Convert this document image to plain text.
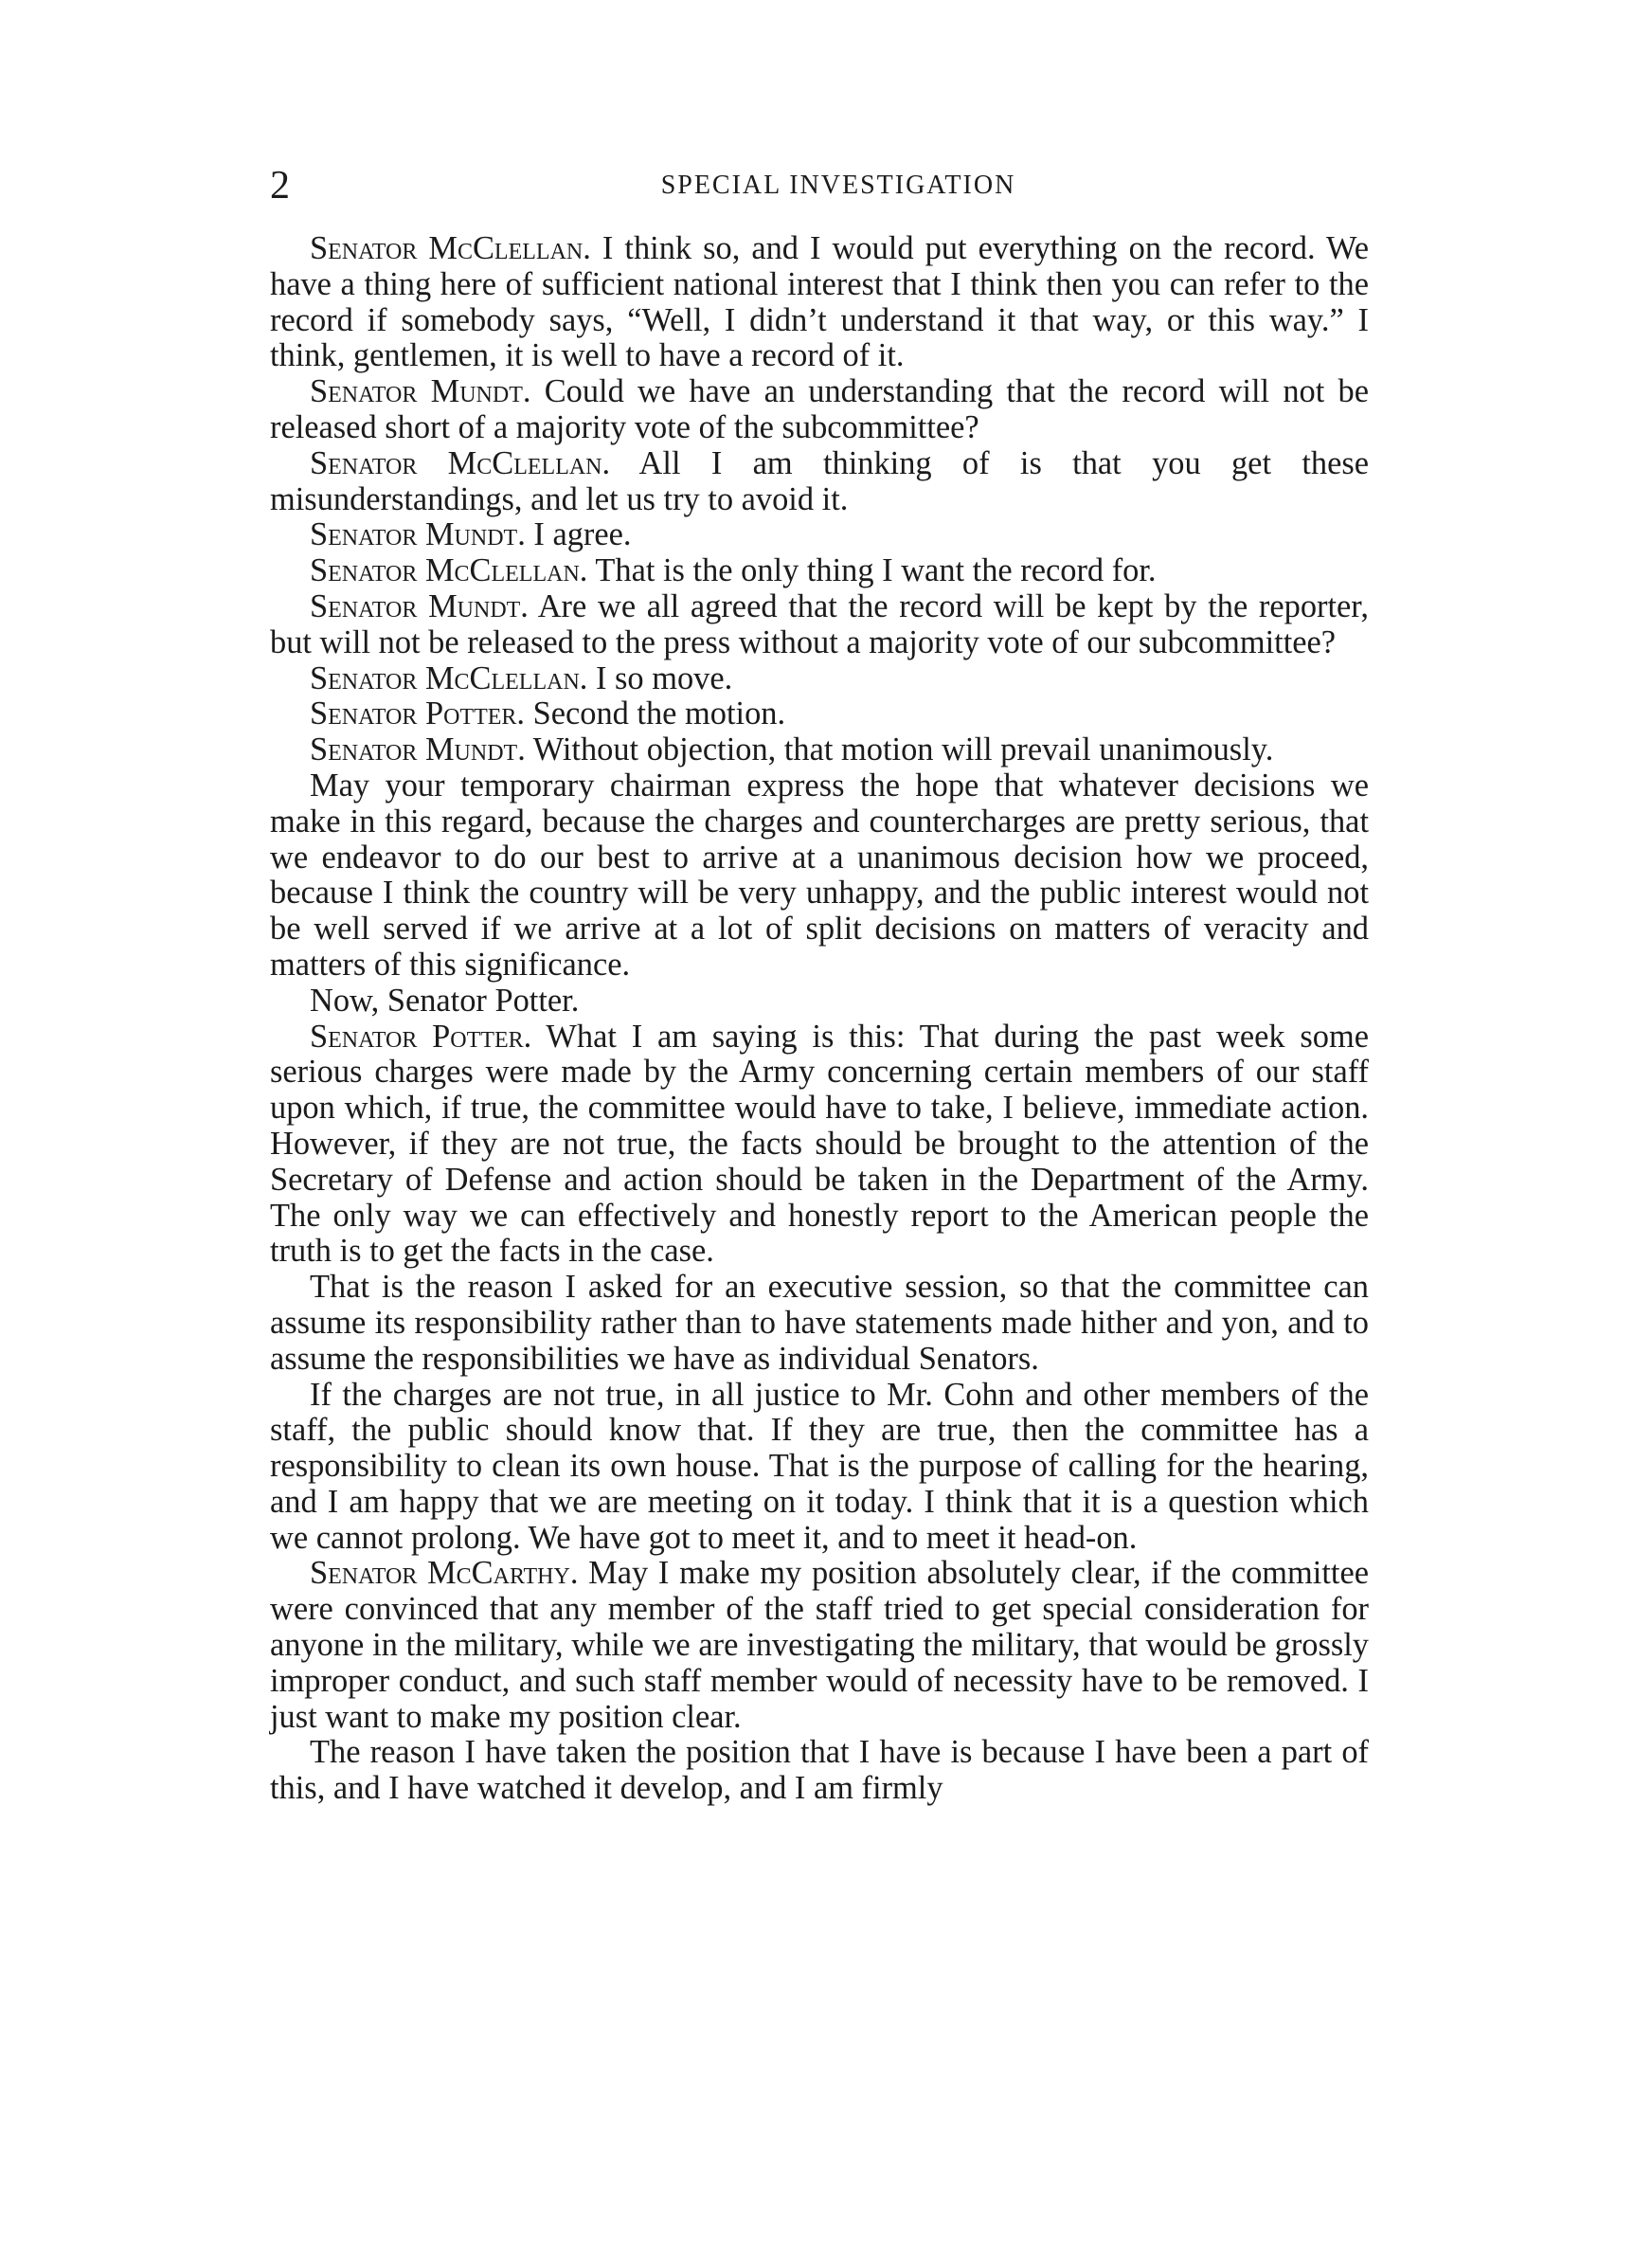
2	SPECIAL INVESTIGATION

Senator McClellan. I think so, and I would put everything on the record. We have a thing here of sufficient national interest that I think then you can refer to the record if somebody says, “Well, I didn’t understand it that way, or this way.” I think, gentlemen, it is well to have a record of it.

Senator Mundt. Could we have an understanding that the record will not be released short of a majority vote of the subcommittee?

Senator McClellan. All I am thinking of is that you get these misunderstandings, and let us try to avoid it.

Senator Mundt. I agree.

Senator McClellan. That is the only thing I want the record for.

Senator Mundt. Are we all agreed that the record will be kept by the reporter, but will not be released to the press without a majority vote of our subcommittee?

Senator McClellan. I so move.

Senator Potter. Second the motion.

Senator Mundt. Without objection, that motion will prevail unanimously.

May your temporary chairman express the hope that whatever decisions we make in this regard, because the charges and countercharges are pretty serious, that we endeavor to do our best to arrive at a unanimous decision how we proceed, because I think the country will be very unhappy, and the public interest would not be well served if we arrive at a lot of split decisions on matters of veracity and matters of this significance.

Now, Senator Potter.

Senator Potter. What I am saying is this: That during the past week some serious charges were made by the Army concerning certain members of our staff upon which, if true, the committee would have to take, I believe, immediate action. However, if they are not true, the facts should be brought to the attention of the Secretary of Defense and action should be taken in the Department of the Army. The only way we can effectively and honestly report to the American people the truth is to get the facts in the case.

That is the reason I asked for an executive session, so that the committee can assume its responsibility rather than to have statements made hither and yon, and to assume the responsibilities we have as individual Senators.

If the charges are not true, in all justice to Mr. Cohn and other members of the staff, the public should know that. If they are true, then the committee has a responsibility to clean its own house. That is the purpose of calling for the hearing, and I am happy that we are meeting on it today. I think that it is a question which we cannot prolong. We have got to meet it, and to meet it head-on.

Senator McCarthy. May I make my position absolutely clear, if the committee were convinced that any member of the staff tried to get special consideration for anyone in the military, while we are investigating the military, that would be grossly improper conduct, and such staff member would of necessity have to be removed. I just want to make my position clear.

The reason I have taken the position that I have is because I have been a part of this, and I have watched it develop, and I am firmly
